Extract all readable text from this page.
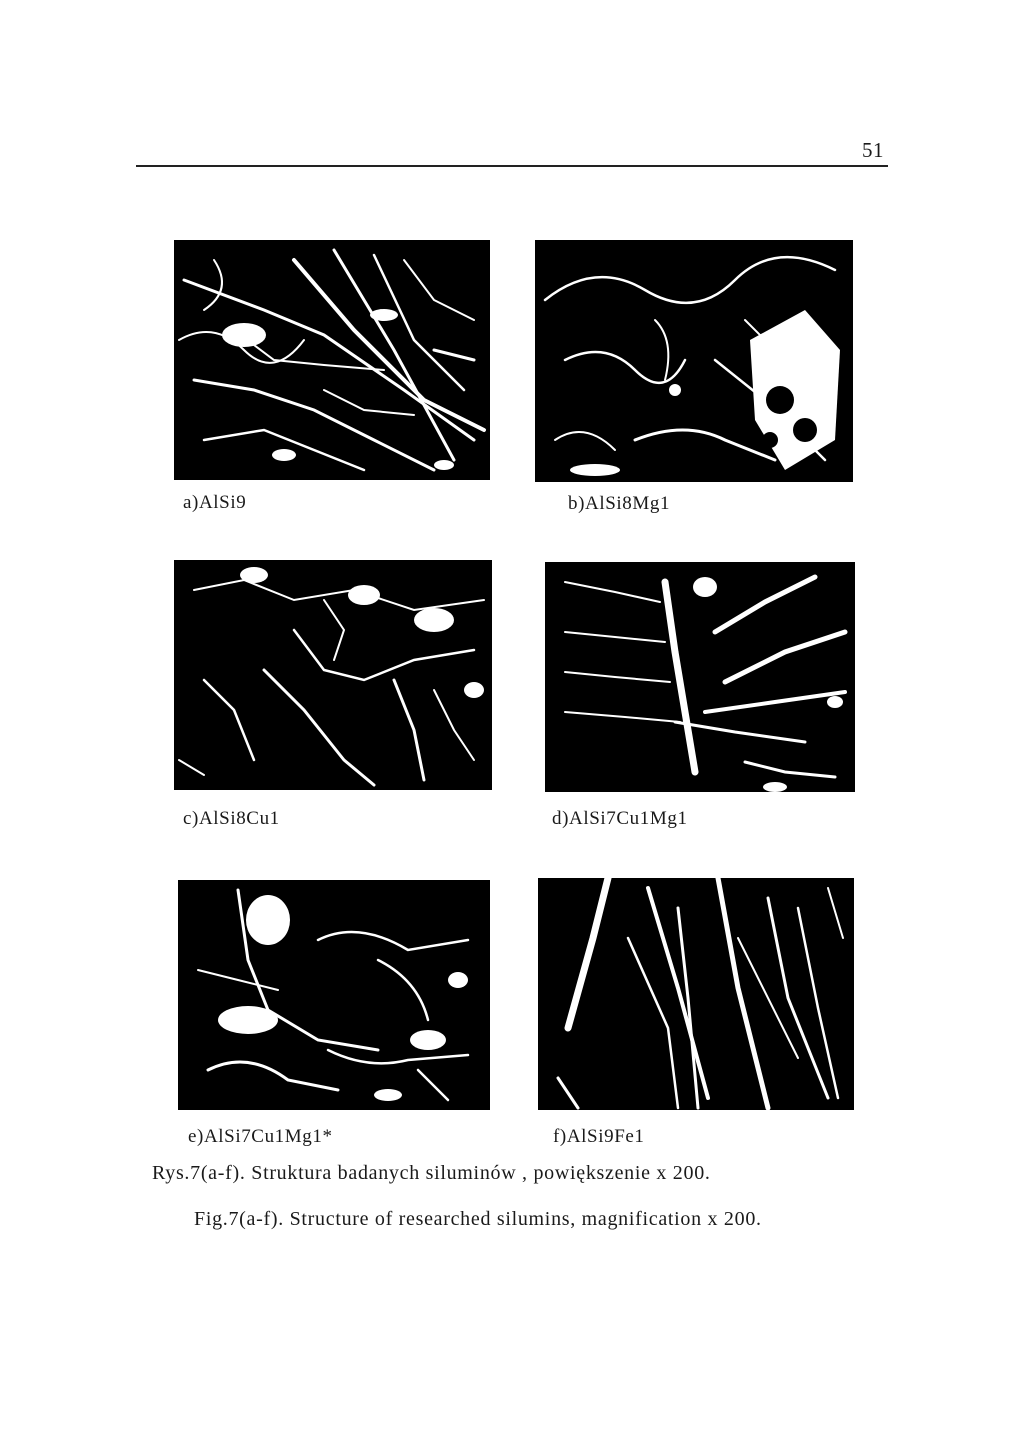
51
a)AlSi9	b)AlSi8Mg1
c)AlSi8Cu1	d)AlSi7Cu1Mg1
e)AlSi7Cu1Mg1*	f)AlSi9Fe1
Rys.7(a-f). Struktura badanych siluminów , powiększenie x 200.
Fig.7(a-f). Structure of researched silumins, magnification x 200.
